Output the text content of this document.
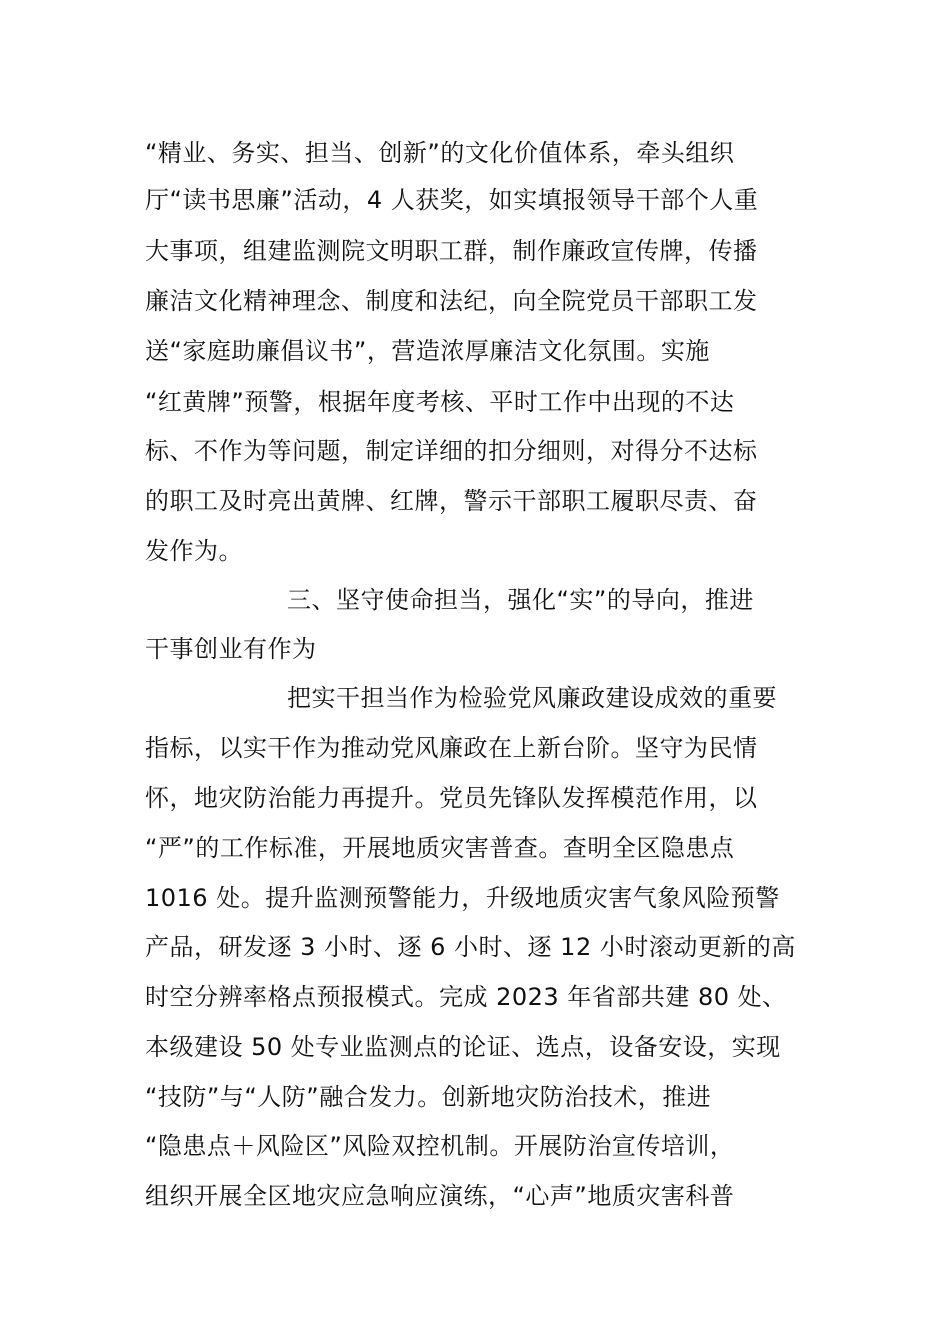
“精业、务实、担当、创新”的文化价值体系，牵头组织
厅“读书思廉”活动，4 人获奖，如实填报领导干部个人重
大事项，组建监测院文明职工群，制作廉政宣传牌，传播
廉洁文化精神理念、制度和法纪，向全院党员干部职工发
送“家庭助廉倡议书”，营造浓厚廉洁文化氛围。实施
“红黄牌”预警，根据年度考核、平时工作中出现的不达
标、不作为等问题，制定详细的扣分细则，对得分不达标
的职工及时亮出黄牌、红牌，警示干部职工履职尽责、奋
发作为。
三、坚守使命担当，强化“实”的导向，推进
干事创业有作为
把实干担当作为检验党风廉政建设成效的重要
指标，以实干作为推动党风廉政在上新台阶。坚守为民情
怀，地灾防治能力再提升。党员先锋队发挥模范作用，以
“严”的工作标准，开展地质灾害普查。查明全区隐患点
1016 处。提升监测预警能力，升级地质灾害气象风险预警
产品，研发逐 3 小时、逐 6 小时、逐 12 小时滚动更新的高
时空分辨率格点预报模式。完成 2023 年省部共建 80 处、
本级建设 50 处专业监测点的论证、选点，设备安设，实现
“技防”与“人防”融合发力。创新地灾防治技术，推进
“隐患点＋风险区”风险双控机制。开展防治宣传培训，
组织开展全区地灾应急响应演练，“心声”地质灾害科普
